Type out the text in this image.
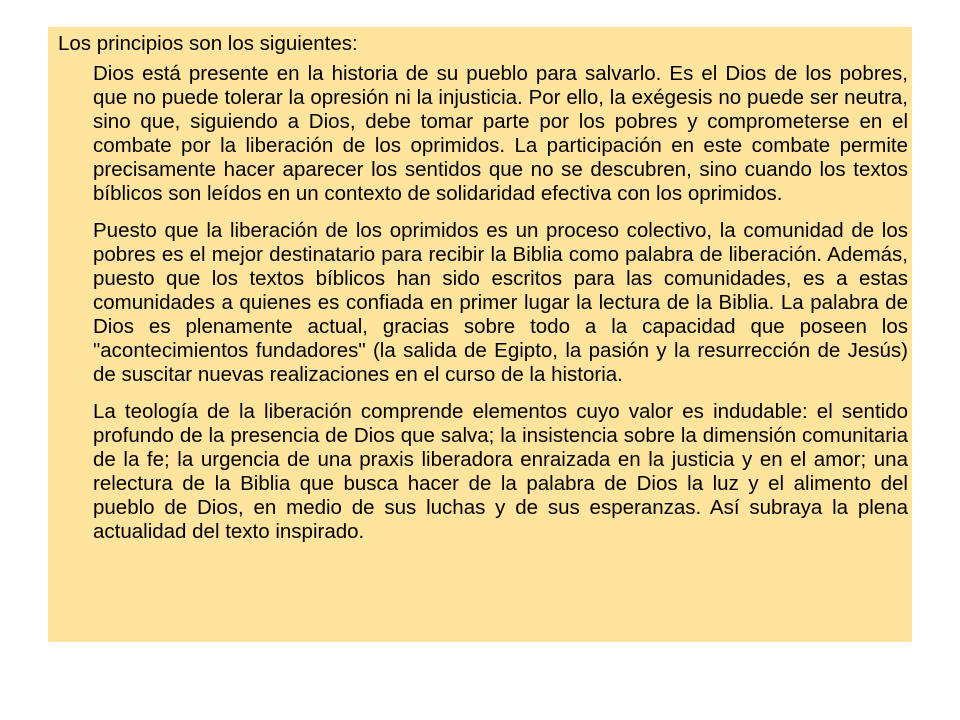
Los principios son los siguientes:

Dios está presente en la historia de su pueblo para salvarlo. Es el Dios de los pobres, que no puede tolerar la opresión ni la injusticia. Por ello, la exégesis no puede ser neutra, sino que, siguiendo a Dios, debe tomar parte por los pobres y comprometerse en el combate por la liberación de los oprimidos. La participación en este combate permite precisamente hacer aparecer los sentidos que no se descubren, sino cuando los textos bíblicos son leídos en un contexto de solidaridad efectiva con los oprimidos.

Puesto que la liberación de los oprimidos es un proceso colectivo, la comunidad de los pobres es el mejor destinatario para recibir la Biblia como palabra de liberación. Además, puesto que los textos bíblicos han sido escritos para las comunidades, es a estas comunidades a quienes es confiada en primer lugar la lectura de la Biblia. La palabra de Dios es plenamente actual, gracias sobre todo a la capacidad que poseen los "acontecimientos fundadores" (la salida de Egipto, la pasión y la resurrección de Jesús) de suscitar nuevas realizaciones en el curso de la historia.

La teología de la liberación comprende elementos cuyo valor es indudable: el sentido profundo de la presencia de Dios que salva; la insistencia sobre la dimensión comunitaria de la fe; la urgencia de una praxis liberadora enraizada en la justicia y en el amor; una relectura de la Biblia que busca hacer de la palabra de Dios la luz y el alimento del pueblo de Dios, en medio de sus luchas y de sus esperanzas. Así subraya la plena actualidad del texto inspirado.
